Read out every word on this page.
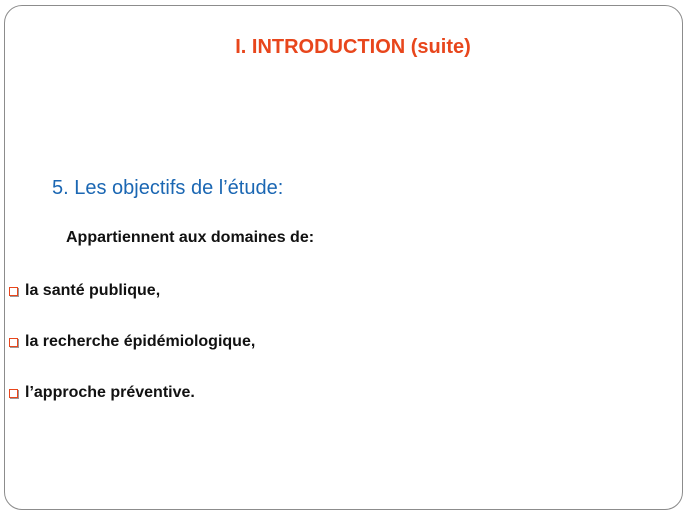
I. INTRODUCTION (suite)
5. Les objectifs de l’étude:
Appartiennent aux domaines de:
la santé publique,
la recherche épidémiologique,
l’approche préventive.
